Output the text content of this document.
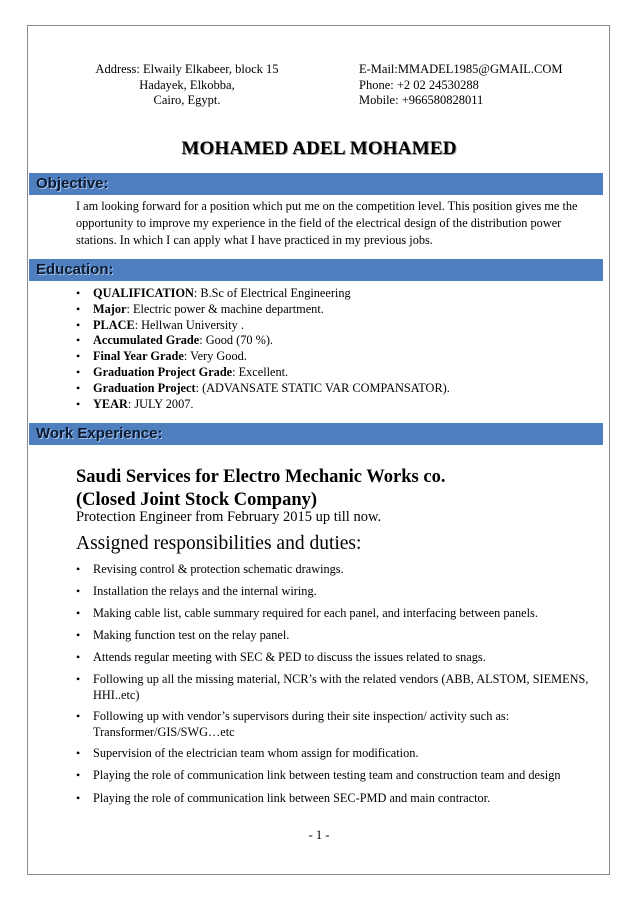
Address: Elwaily Elkabeer, block 15
Hadayek, Elkobba,
Cairo, Egypt.
E-Mail:MMADEL1985@GMAIL.COM
Phone: +2 02 24530288
Mobile: +966580828011
MOHAMED ADEL MOHAMED
Objective:
I am looking forward for a position which put me on the competition level. This position gives me the opportunity to improve my experience in the field of the electrical design of the distribution power stations. In which I can apply what I have practiced in my previous jobs.
Education:
• QUALIFICATION: B.Sc of Electrical Engineering
• Major: Electric power & machine department.
• PLACE: Hellwan University .
• Accumulated Grade: Good (70 %).
• Final Year Grade: Very Good.
• Graduation Project Grade: Excellent.
• Graduation Project: (ADVANSATE STATIC VAR COMPANSATOR).
• YEAR: JULY 2007.
Work Experience:
Saudi Services for Electro Mechanic Works co.
(Closed Joint Stock Company)
Protection Engineer from February 2015 up till now.
Assigned responsibilities and duties:
•	Revising control & protection schematic drawings.
•	Installation the relays and the internal wiring.
•	Making cable list, cable summary required for each panel, and interfacing between panels.
•	Making function test on the relay panel.
•	Attends regular meeting with SEC & PED to discuss the issues related to snags.
•	Following up all the missing material, NCR’s with the related vendors (ABB, ALSTOM, SIEMENS, HHI..etc)
•	Following up with vendor’s supervisors during their site inspection/ activity such as: Transformer/GIS/SWG…etc
•	Supervision of the electrician team whom assign for modification.
•	Playing the role of communication link between testing team and construction team and design
•	Playing the role of communication link between SEC-PMD and main contractor.
- 1 -
